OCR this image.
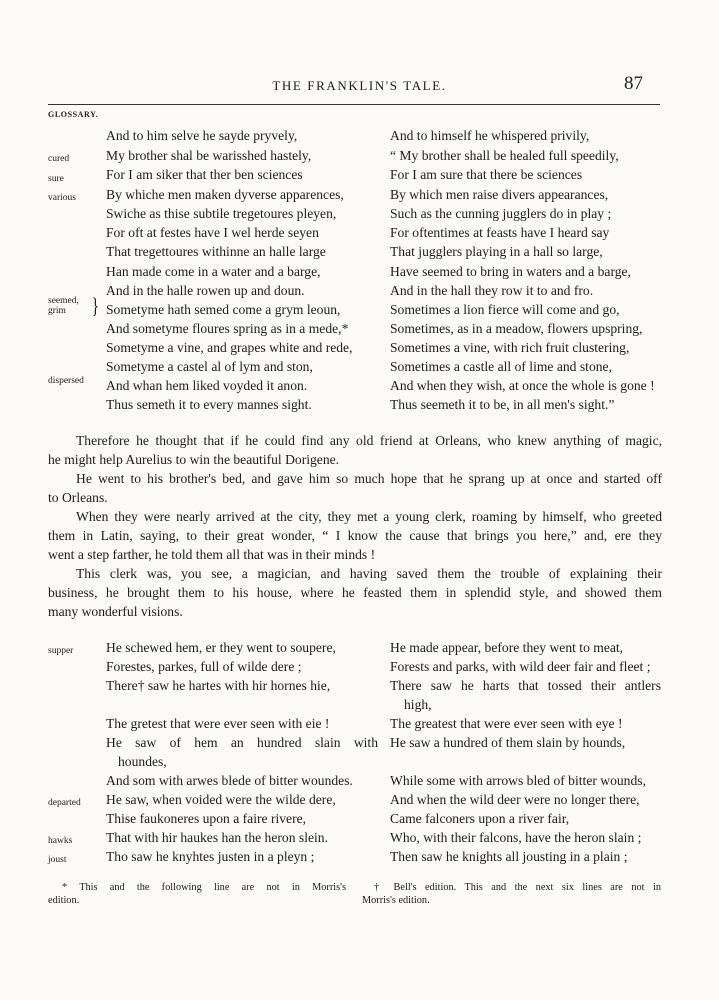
THE FRANKLIN'S TALE.	87
GLOSSARY.
cured
sure
various
seemed,
grim }
dispersed
And to him selve he sayde pryvely,
My brother shal be warisshed hastely,
For I am siker that ther ben sciences
By whiche men maken dyverse apparences,
Swiche as thise subtile tregetoures pleyen,
For oft at festes have I wel herde seyen
That tregettoures withinne an halle large
Han made come in a water and a barge,
And in the halle rowen up and doun.
Sometyme hath semed come a grym leoun,
And sometyme floures spring as in a mede,*
Sometyme a vine, and grapes white and rede,
Sometyme a castel al of lym and ston,
And whan hem liked voyded it anon.
Thus semeth it to every mannes sight.
And to himself he whispered privily,
“ My brother shall be healed full speedily,
For I am sure that there be sciences
By which men raise divers appearances,
Such as the cunning jugglers do in play ;
For oftentimes at feasts have I heard say
That jugglers playing in a hall so large,
Have seemed to bring in waters and a barge,
And in the hall they row it to and fro.
Sometimes a lion fierce will come and go,
Sometimes, as in a meadow, flowers upspring,
Sometimes a vine, with rich fruit clustering,
Sometimes a castle all of lime and stone,
And when they wish, at once the whole is gone !
Thus seemeth it to be, in all men's sight.”
Therefore he thought that if he could find any old friend at Orleans, who knew anything of magic,
he might help Aurelius to win the beautiful Dorigene.
He went to his brother's bed, and gave him so much hope that he sprang up at once and started off
to Orleans.
When they were nearly arrived at the city, they met a young clerk, roaming by himself, who greeted
them in Latin, saying, to their great wonder, “ I know the cause that brings you here,” and, ere they
went a step farther, he told them all that was in their minds !
This clerk was, you see, a magician, and having saved them the trouble of explaining their
business, he brought them to his house, where he feasted them in splendid style, and showed them
many wonderful visions.
supper
departed
hawks
joust
He schewed hem, er they went to soupere,
Forestes, parkes, full of wilde dere ;
There† saw he hartes with hir hornes hie,
The gretest that were ever seen with eie !
He saw of hem an hundred slain with
houndes,
And som with arwes blede of bitter woundes.
He saw, when voided were the wilde dere,
Thise faukoneres upon a faire rivere,
That with hir haukes han the heron slein.
Tho saw he knyhtes justen in a pleyn ;
He made appear, before they went to meat,
Forests and parks, with wild deer fair and fleet ;
There saw he harts that tossed their antlers
high,
The greatest that were ever seen with eye !
He saw a hundred of them slain by hounds,
While some with arrows bled of bitter wounds,
And when the wild deer were no longer there,
Came falconers upon a river fair,
Who, with their falcons, have the heron slain ;
Then saw he knights all jousting in a plain ;
* This and the following line are not in Morris's
edition.
† Bell's edition. This and the next six lines are not in
Morris's edition.
